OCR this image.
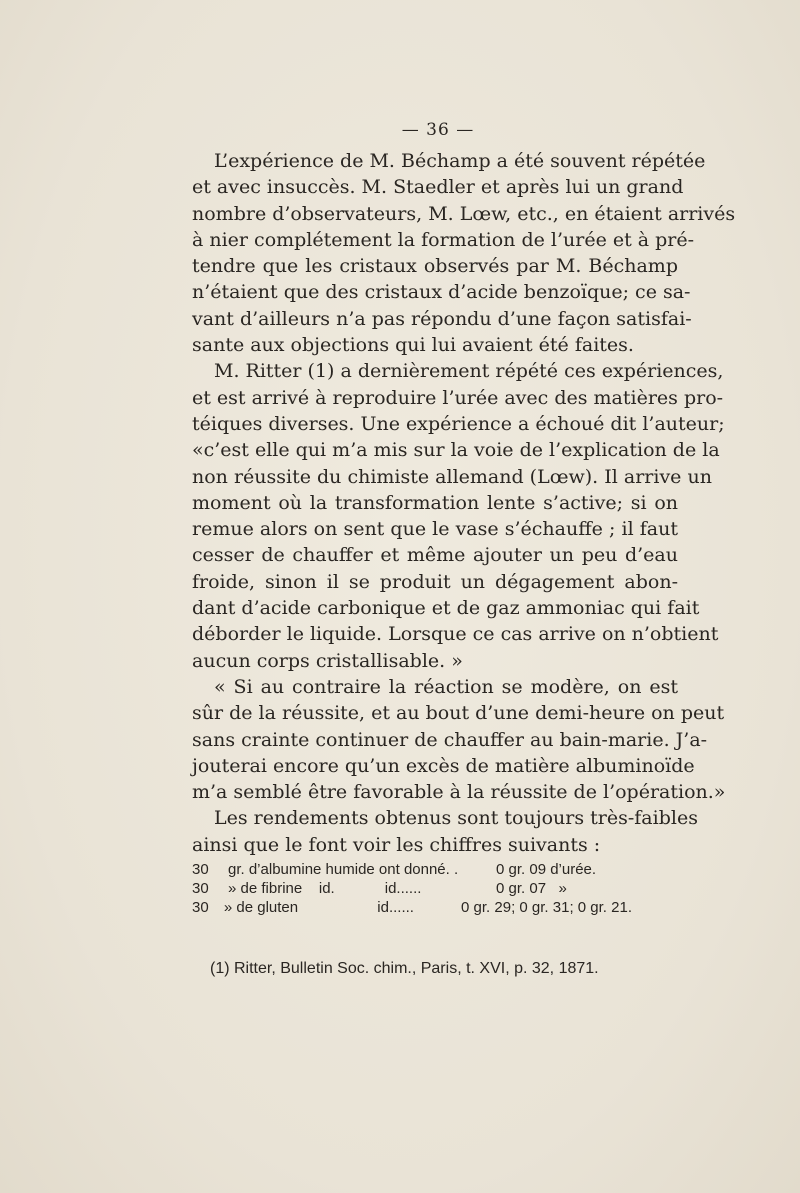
— 36 —
L’expérience de M. Béchamp a été souvent répétée
et avec insuccès. M. Staedler et après lui un grand
nombre d’observateurs, M. Lœw, etc., en étaient arrivés
à nier complétement la formation de l’urée et à pré-
tendre que les cristaux observés par M. Béchamp
n’étaient que des cristaux d’acide benzoïque; ce sa-
vant d’ailleurs n’a pas répondu d’une façon satisfai-
sante aux objections qui lui avaient été faites.
M. Ritter (1) a dernièrement répété ces expériences,
et est arrivé à reproduire l’urée avec des matières pro-
téiques diverses. Une expérience a échoué dit l’auteur;
«c’est elle qui m’a mis sur la voie de l’explication de la
non réussite du chimiste allemand (Lœw). Il arrive un
moment où la transformation lente s’active; si on
remue alors on sent que le vase s’échauffe ; il faut
cesser de chauffer et même ajouter un peu d’eau
froide, sinon il se produit un dégagement abon-
dant d’acide carbonique et de gaz ammoniac qui fait
déborder le liquide. Lorsque ce cas arrive on n’obtient
aucun corps cristallisable. »
« Si au contraire la réaction se modère, on est
sûr de la réussite, et au bout d’une demi-heure on peut
sans crainte continuer de chauffer au bain-marie. J’a-
jouterai encore qu’un excès de matière albuminoïde
m’a semblé être favorable à la réussite de l’opération.»
Les rendements obtenus sont toujours très-faibles
ainsi que le font voir les chiffres suivants :
30	gr. d’albumine humide ont donné. .	0 gr. 09 d’urée.
30	» de fibrine    id.            id......	0 gr. 07   »
30	» de gluten                   id......	0 gr. 29; 0 gr. 31; 0 gr. 21.
(1) Ritter, Bulletin Soc. chim., Paris, t. XVI, p. 32, 1871.
